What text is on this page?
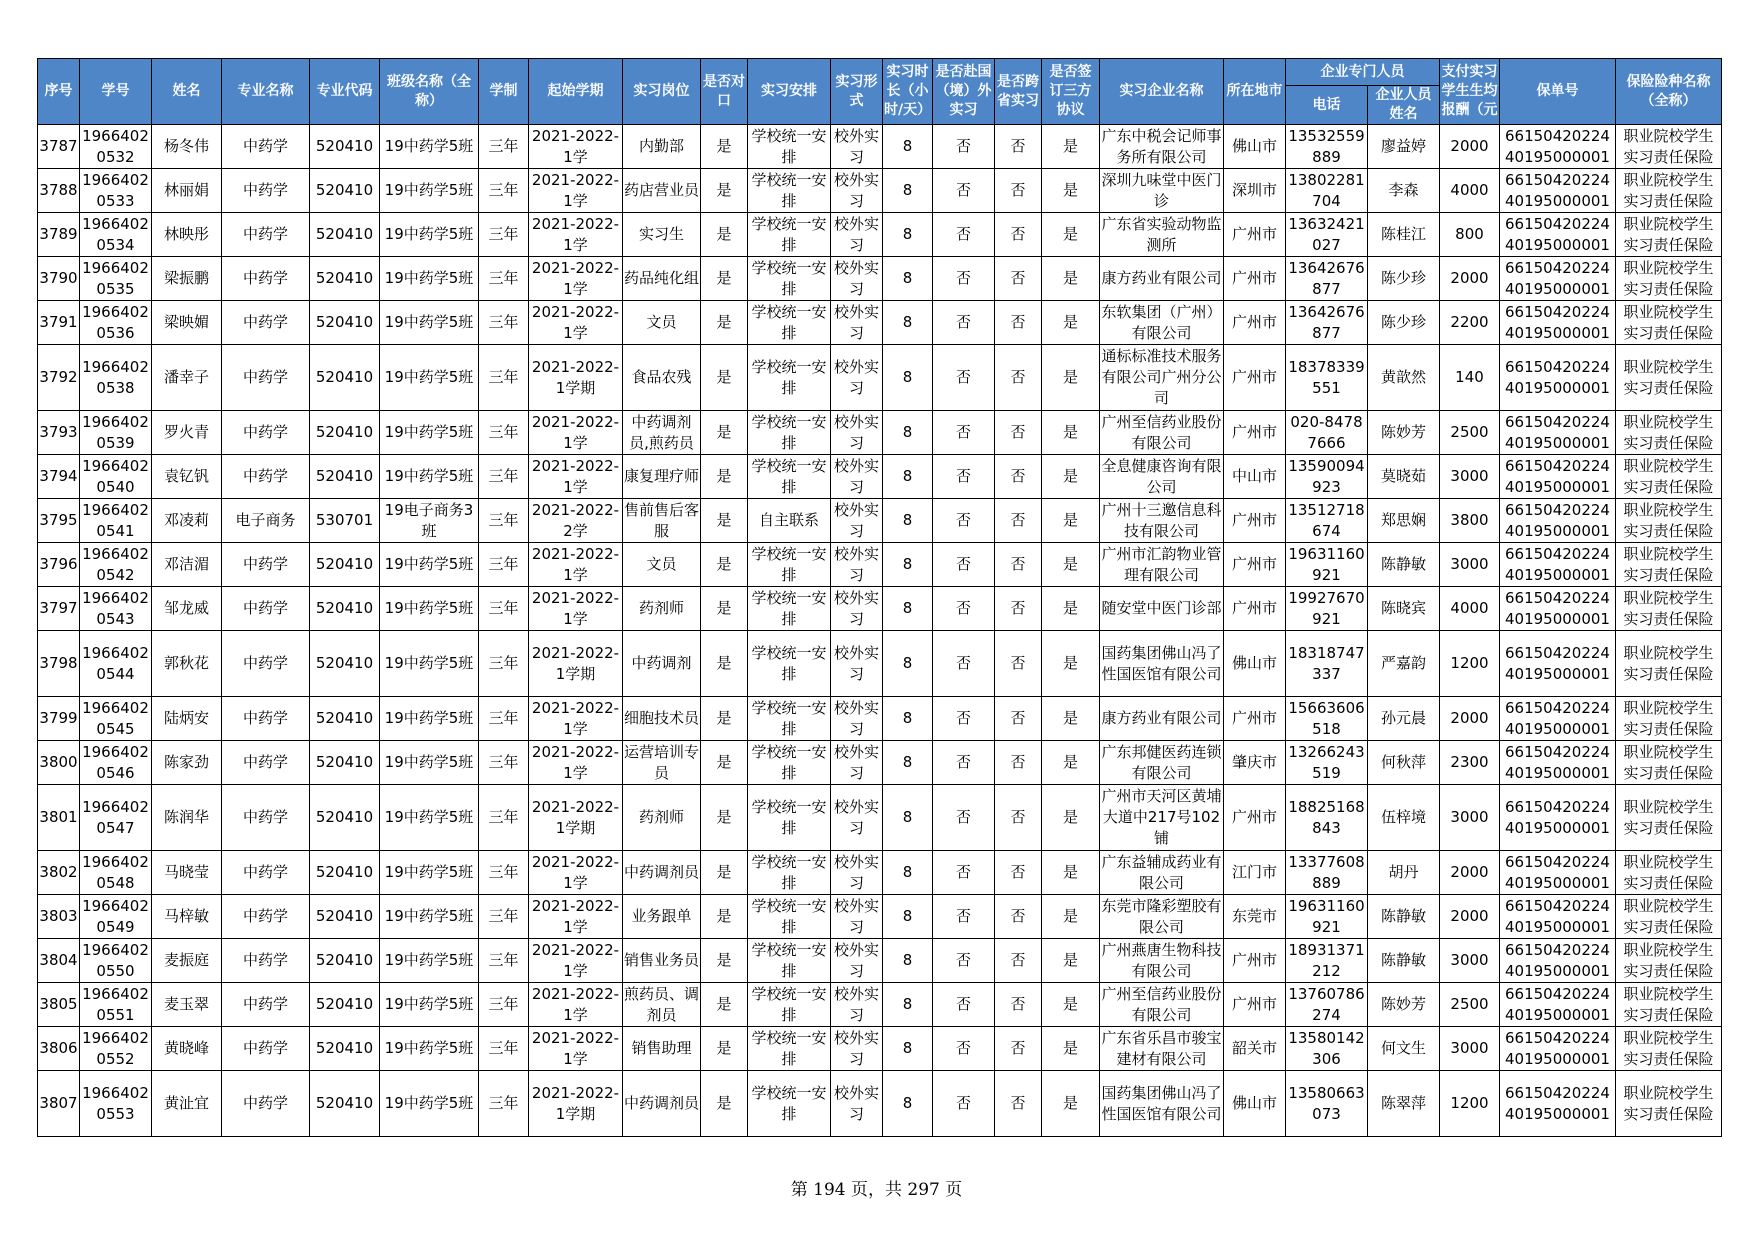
序号	学号	姓名	专业名称	专业代码	班级名称（全称）	学制	起始学期	实习岗位	是否对口	实习安排	实习形式	实习时长（小时/天）	是否赴国（境）外实习	是否跨省实习	是否签订三方协议	实习企业名称	所在地市	企业专门人员		支付实习学生生均报酬（元	保单号	保险险种名称（全称）
																		电话	企业人员姓名			
3787	19664020532	杨冬伟	中药学	520410	19中药学5班	三年	2021-2022-1学	内勤部	是	学校统一安排	校外实习	8	否	否	是	广东中税会记师事务所有限公司	佛山市	13532559889	廖益婷	2000	6615042022440195000001	职业院校学生实习责任保险
3788	19664020533	林丽娟	中药学	520410	19中药学5班	三年	2021-2022-1学	药店营业员	是	学校统一安排	校外实习	8	否	否	是	深圳九味堂中医门诊	深圳市	13802281704	李森	4000	6615042022440195000001	职业院校学生实习责任保险
3789	19664020534	林映彤	中药学	520410	19中药学5班	三年	2021-2022-1学	实习生	是	学校统一安排	校外实习	8	否	否	是	广东省实验动物监测所	广州市	13632421027	陈桂江	800	6615042022440195000001	职业院校学生实习责任保险
3790	19664020535	梁振鹏	中药学	520410	19中药学5班	三年	2021-2022-1学	药品纯化组	是	学校统一安排	校外实习	8	否	否	是	康方药业有限公司	广州市	13642676877	陈少珍	2000	6615042022440195000001	职业院校学生实习责任保险
3791	19664020536	梁映媚	中药学	520410	19中药学5班	三年	2021-2022-1学	文员	是	学校统一安排	校外实习	8	否	否	是	东软集团（广州）有限公司	广州市	13642676877	陈少珍	2200	6615042022440195000001	职业院校学生实习责任保险
3792	19664020538	潘幸子	中药学	520410	19中药学5班	三年	2021-2022-1学期	食品农残	是	学校统一安排	校外实习	8	否	否	是	通标标准技术服务有限公司广州分公司	广州市	18378339551	黄歆然	140	6615042022440195000001	职业院校学生实习责任保险
3793	19664020539	罗火青	中药学	520410	19中药学5班	三年	2021-2022-1学	中药调剂员,煎药员	是	学校统一安排	校外实习	8	否	否	是	广州至信药业股份有限公司	广州市	020-84787666	陈妙芳	2500	6615042022440195000001	职业院校学生实习责任保险
3794	19664020540	袁钇钒	中药学	520410	19中药学5班	三年	2021-2022-1学	康复理疗师	是	学校统一安排	校外实习	8	否	否	是	全息健康咨询有限公司	中山市	13590094923	莫晓茹	3000	6615042022440195000001	职业院校学生实习责任保险
3795	19664020541	邓凌莉	电子商务	530701	19电子商务3班	三年	2021-2022-2学	售前售后客服	是	自主联系	校外实习	8	否	否	是	广州十三邀信息科技有限公司	广州市	13512718674	郑思娴	3800	6615042022440195000001	职业院校学生实习责任保险
3796	19664020542	邓洁湄	中药学	520410	19中药学5班	三年	2021-2022-1学	文员	是	学校统一安排	校外实习	8	否	否	是	广州市汇韵物业管理有限公司	广州市	19631160921	陈静敏	3000	6615042022440195000001	职业院校学生实习责任保险
3797	19664020543	邹龙威	中药学	520410	19中药学5班	三年	2021-2022-1学	药剂师	是	学校统一安排	校外实习	8	否	否	是	随安堂中医门诊部	广州市	19927670921	陈晓宾	4000	6615042022440195000001	职业院校学生实习责任保险
3798	19664020544	郭秋花	中药学	520410	19中药学5班	三年	2021-2022-1学期	中药调剂	是	学校统一安排	校外实习	8	否	否	是	国药集团佛山冯了性国医馆有限公司	佛山市	18318747337	严嘉韵	1200	6615042022440195000001	职业院校学生实习责任保险
3799	19664020545	陆炳安	中药学	520410	19中药学5班	三年	2021-2022-1学	细胞技术员	是	学校统一安排	校外实习	8	否	否	是	康方药业有限公司	广州市	15663606518	孙元晨	2000	6615042022440195000001	职业院校学生实习责任保险
3800	19664020546	陈家劲	中药学	520410	19中药学5班	三年	2021-2022-1学	运营培训专员	是	学校统一安排	校外实习	8	否	否	是	广东邦健医药连锁有限公司	肇庆市	13266243519	何秋萍	2300	6615042022440195000001	职业院校学生实习责任保险
3801	19664020547	陈润华	中药学	520410	19中药学5班	三年	2021-2022-1学期	药剂师	是	学校统一安排	校外实习	8	否	否	是	广州市天河区黄埔大道中217号102铺	广州市	18825168843	伍梓境	3000	6615042022440195000001	职业院校学生实习责任保险
3802	19664020548	马晓莹	中药学	520410	19中药学5班	三年	2021-2022-1学	中药调剂员	是	学校统一安排	校外实习	8	否	否	是	广东益辅成药业有限公司	江门市	13377608889	胡丹	2000	6615042022440195000001	职业院校学生实习责任保险
3803	19664020549	马梓敏	中药学	520410	19中药学5班	三年	2021-2022-1学	业务跟单	是	学校统一安排	校外实习	8	否	否	是	东莞市隆彩塑胶有限公司	东莞市	19631160921	陈静敏	2000	6615042022440195000001	职业院校学生实习责任保险
3804	19664020550	麦振庭	中药学	520410	19中药学5班	三年	2021-2022-1学	销售业务员	是	学校统一安排	校外实习	8	否	否	是	广州燕唐生物科技有限公司	广州市	18931371212	陈静敏	3000	6615042022440195000001	职业院校学生实习责任保险
3805	19664020551	麦玉翠	中药学	520410	19中药学5班	三年	2021-2022-1学	煎药员、调剂员	是	学校统一安排	校外实习	8	否	否	是	广州至信药业股份有限公司	广州市	13760786274	陈妙芳	2500	6615042022440195000001	职业院校学生实习责任保险
3806	19664020552	黄晓峰	中药学	520410	19中药学5班	三年	2021-2022-1学	销售助理	是	学校统一安排	校外实习	8	否	否	是	广东省乐昌市骏宝建材有限公司	韶关市	13580142306	何文生	3000	6615042022440195000001	职业院校学生实习责任保险
3807	19664020553	黄沚宜	中药学	520410	19中药学5班	三年	2021-2022-1学期	中药调剂员	是	学校统一安排	校外实习	8	否	否	是	国药集团佛山冯了性国医馆有限公司	佛山市	13580663073	陈翠萍	1200	6615042022440195000001	职业院校学生实习责任保险
第 194 页，共 297 页
